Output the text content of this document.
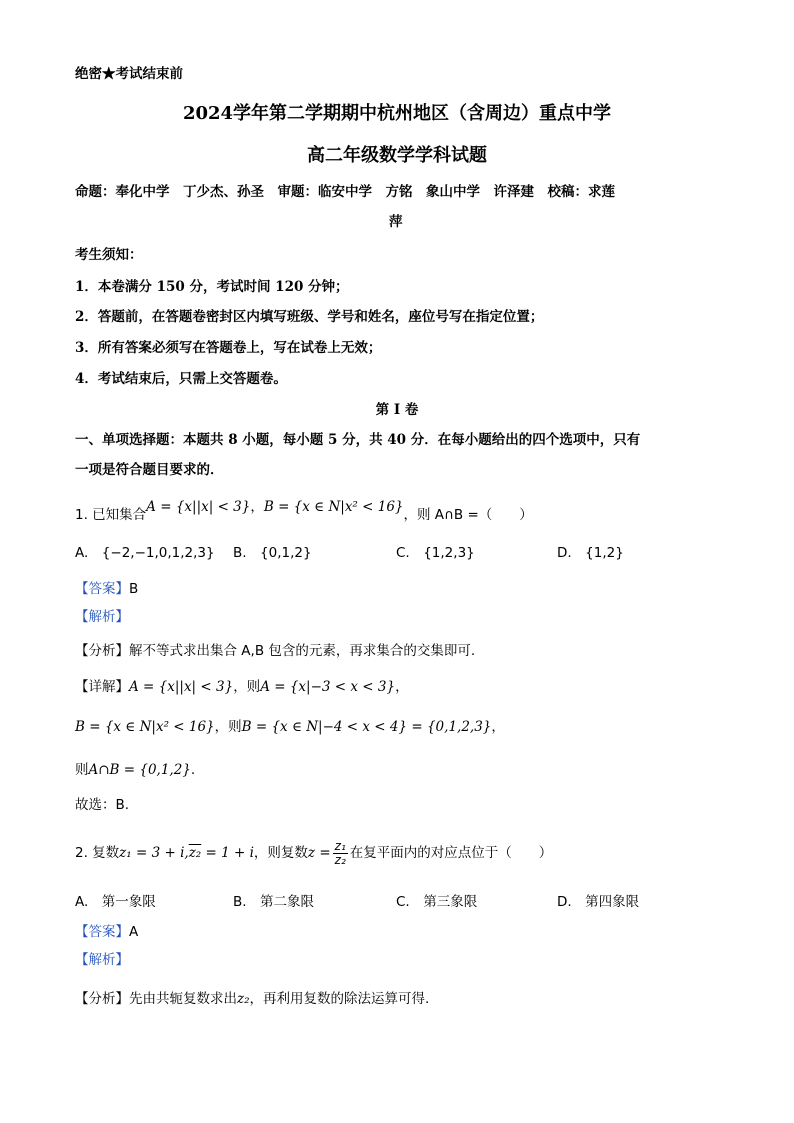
绝密★考试结束前
2024学年第二学期期中杭州地区（含周边）重点中学
高二年级数学学科试题
命题：奉化中学　丁少杰、孙圣　审题：临安中学　方铭　象山中学　许泽建　校稿：求莲
萍
考生须知：
1．本卷满分 150 分，考试时间 120 分钟；
2．答题前，在答题卷密封区内填写班级、学号和姓名，座位号写在指定位置；
3．所有答案必须写在答题卷上，写在试卷上无效；
4．考试结束后，只需上交答题卷。
第 I 卷
一、单项选择题：本题共 8 小题，每小题 5 分，共 40 分．在每小题给出的四个选项中，只有
一项是符合题目要求的．
1. 已知集合A = {x||x| < 3}，B = {x ∈ N|x² < 16}，则 A∩B =（　　）
A.　{−2,−1,0,1,2,3} B.　{0,1,2}	C.　{1,2,3}	D.　{1,2}
【答案】B
【解析】
【分析】解不等式求出集合 A,B 包含的元素，再求集合的交集即可.
【详解】A = {x||x| < 3}，则A = {x|−3 < x < 3}，
B = {x ∈ N|x² < 16}，则B = {x ∈ N|−4 < x < 4} = {0,1,2,3}，
则A∩B = {0,1,2}.
故选：B.
2. 复数z₁ = 3 + i,z₂ = 1 + i，则复数$z = \frac{\text{z₁}}{\text{z₂}}$ 在复平面内的对应点位于（　　）
A.　第一象限	B.　第二象限	C.　第三象限	D.　第四象限
【答案】A
【解析】
【分析】先由共轭复数求出z₂，再利用复数的除法运算可得.
